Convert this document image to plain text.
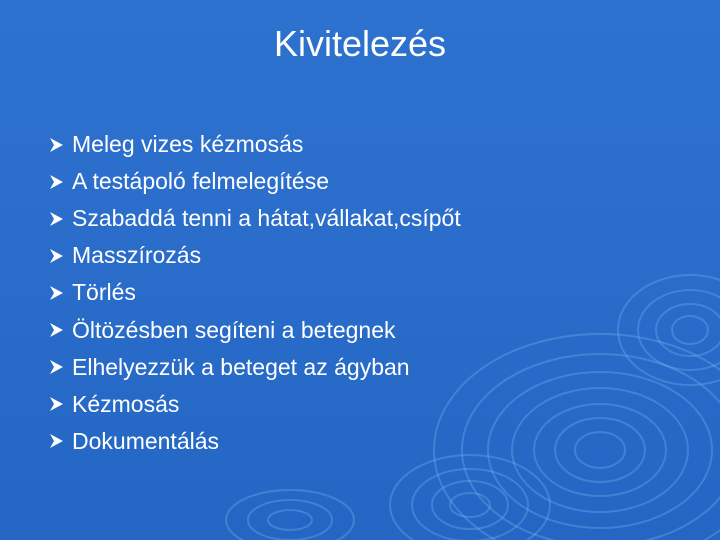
Kivitelezés
Meleg vizes kézmosás
A testápoló felmelegítése
Szabaddá tenni a hátat,vállakat,csípőt
Masszírozás
Törlés
Öltözésben segíteni a betegnek
Elhelyezzük a beteget az ágyban
Kézmosás
Dokumentálás
